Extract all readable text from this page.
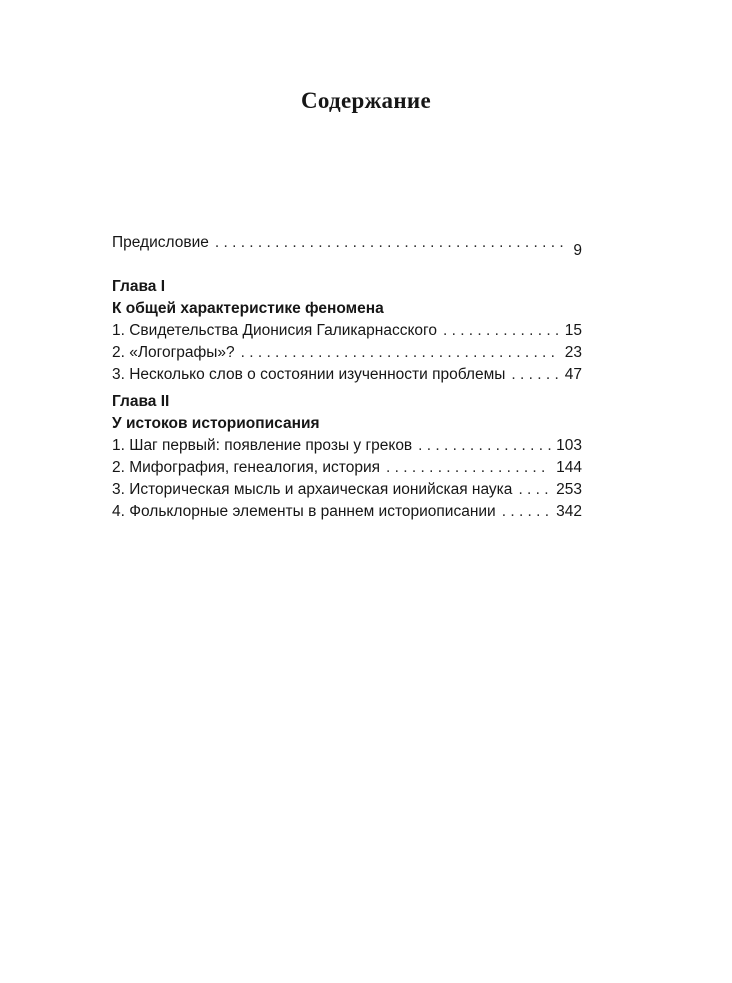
Содержание
Предисловие . . .	9
Глава I
К общей характеристике феномена
1. Свидетельства Дионисия Галикарнасского . . .	15
2. «Логографы»? . . .	23
3. Несколько слов о состоянии изученности проблемы . . .	47
Глава II
У истоков историописания
1. Шаг первый: появление прозы у греков . . .	103
2. Мифография, генеалогия, история . . .	144
3. Историческая мысль и архаическая ионийская наука . . .	253
4. Фольклорные элементы в раннем историописании . . .	342
